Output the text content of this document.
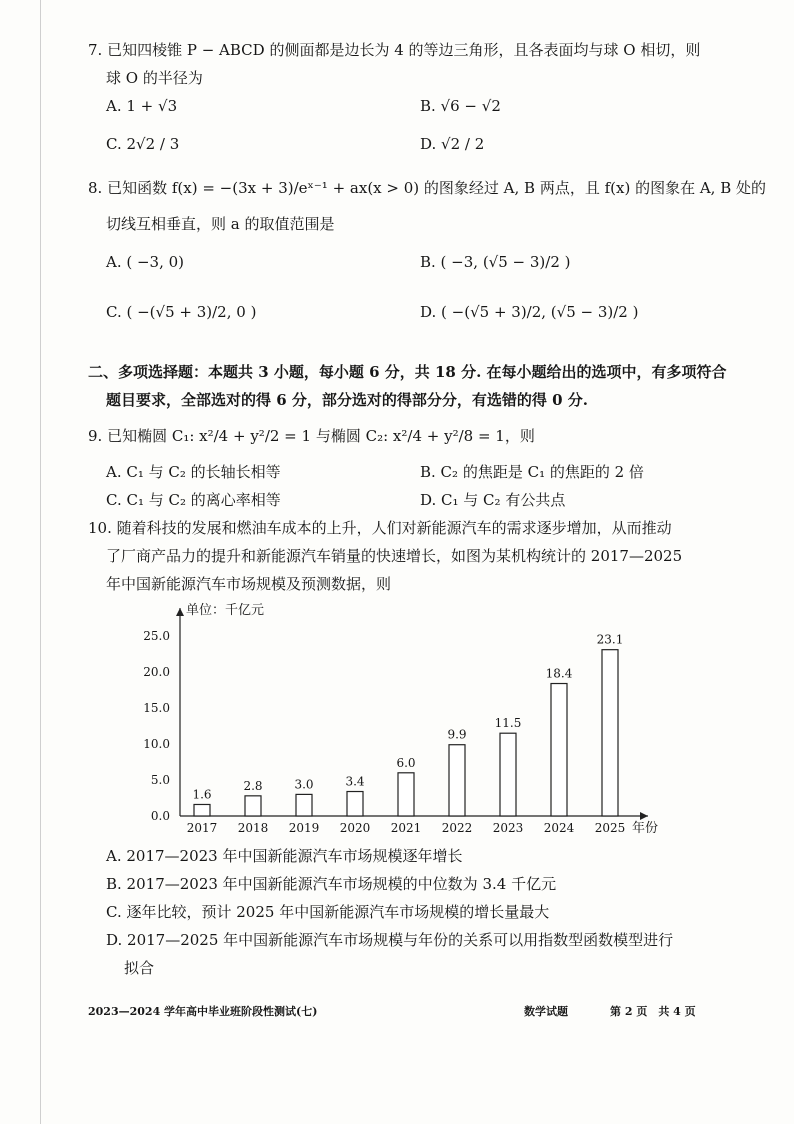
7. 已知四棱锥 P − ABCD 的侧面都是边长为 4 的等边三角形，且各表面均与球 O 相切，则
球 O 的半径为
A. 1 + √3	B. √6 − √2
C. 2√2 / 3	D. √2 / 2
8. 已知函数 f(x) = −(3x + 3)/eˣ⁻¹ + ax(x > 0) 的图象经过 A, B 两点，且 f(x) 的图象在 A, B 处的
切线互相垂直，则 a 的取值范围是
A. ( −3, 0)	B. ( −3, (√5 − 3)/2 )
C. ( −(√5 + 3)/2, 0 )	D. ( −(√5 + 3)/2, (√5 − 3)/2 )
二、多项选择题：本题共 3 小题，每小题 6 分，共 18 分. 在每小题给出的选项中，有多项符合
题目要求，全部选对的得 6 分，部分选对的得部分分，有选错的得 0 分.
9. 已知椭圆 C₁: x²/4 + y²/2 = 1 与椭圆 C₂: x²/4 + y²/8 = 1，则
A. C₁ 与 C₂ 的长轴长相等	B. C₂ 的焦距是 C₁ 的焦距的 2 倍
C. C₁ 与 C₂ 的离心率相等	D. C₁ 与 C₂ 有公共点
10. 随着科技的发展和燃油车成本的上升，人们对新能源汽车的需求逐步增加，从而推动
了厂商产品力的提升和新能源汽车销量的快速增长，如图为某机构统计的 2017—2025
年中国新能源汽车市场规模及预测数据，则
单位：千亿元
年份
0.0
5.0
10.0
15.0
20.0
25.0
1.6
2017
2.8
2018
3.0
2019
3.4
2020
6.0
2021
9.9
2022
11.5
2023
18.4
2024
23.1
2025
A. 2017—2023 年中国新能源汽车市场规模逐年增长
B. 2017—2023 年中国新能源汽车市场规模的中位数为 3.4 千亿元
C. 逐年比较，预计 2025 年中国新能源汽车市场规模的增长量最大
D. 2017—2025 年中国新能源汽车市场规模与年份的关系可以用指数型函数模型进行
拟合
2023—2024 学年高中毕业班阶段性测试(七)	数学试题	第 2 页　共 4 页
